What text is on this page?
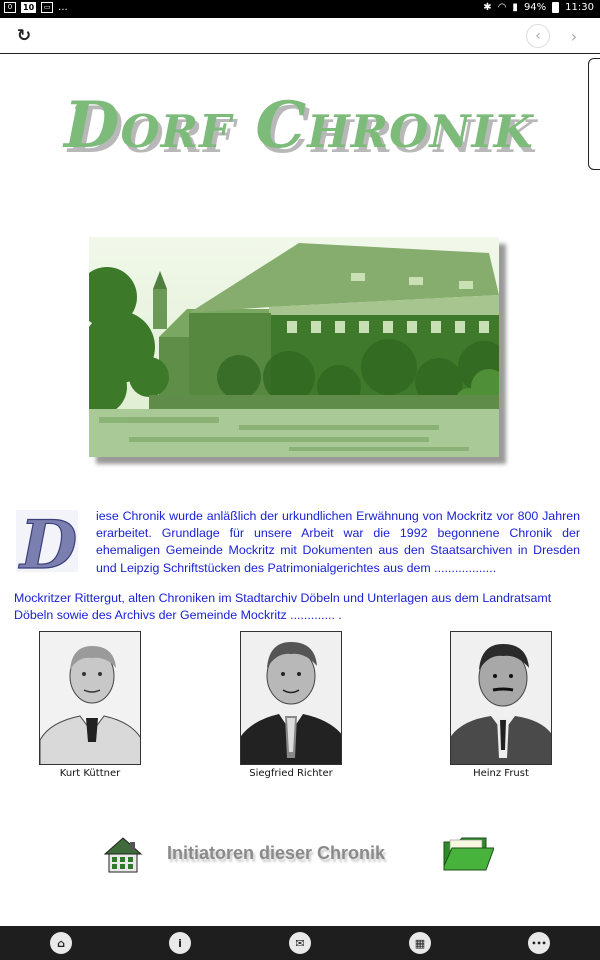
0	10	▭ ...	✱ ◠ ▮ 94% 11:30
↻	‹	›
Dorf Chronik
D iese Chronik wurde anläßlich der urkundlichen Erwähnung von Mockritz vor 800 Jahren erarbeitet. Grundlage für unsere Arbeit war die 1992 begonnene Chronik der ehemaligen Gemeinde Mockritz mit Dokumenten aus den Staatsarchiven in Dresden und Leipzig Schriftstücken des Patrimonialgerichtes aus dem ..................
Mockritzer Rittergut, alten Chroniken im Stadtarchiv Döbeln und Unterlagen aus dem Landratsamt Döbeln sowie des Archivs der Gemeinde Mockritz ............. .
Kurt Küttner	Siegfried Richter	Heinz Frust
Initiatoren dieser Chronik
⌂	i	✉	▦	•••
